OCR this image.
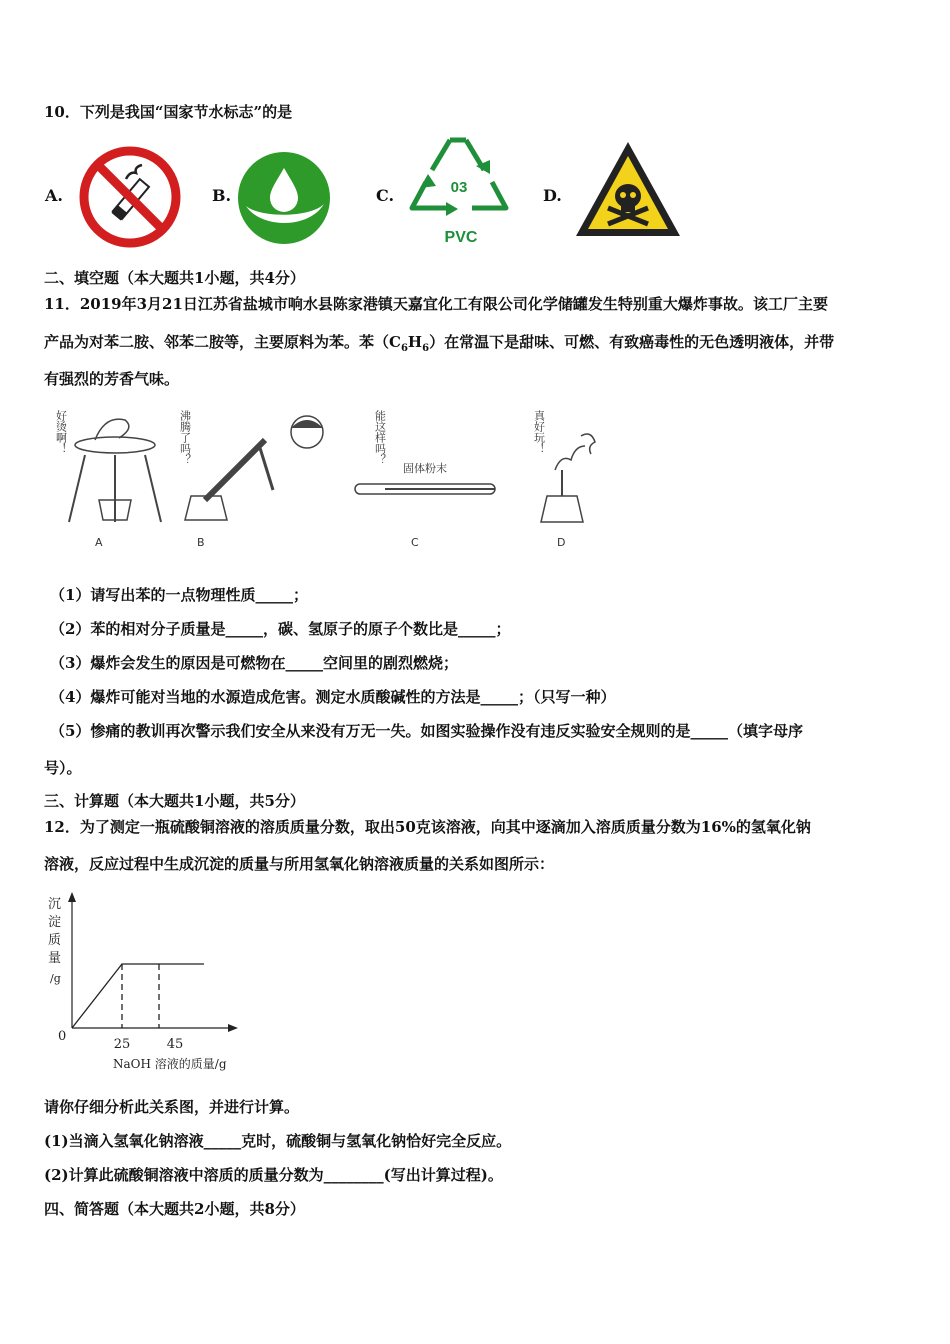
10．下列是我国“国家节水标志”的是
A.	B.	C.	03
PVC
D.
二、填空题（本大题共1小题，共4分）
11．2019年3月21日江苏省盐城市响水县陈家港镇天嘉宜化工有限公司化学储罐发生特别重大爆炸事故。该工厂主要
产品为对苯二胺、邻苯二胺等，主要原料为苯。苯$(C_6H_6)$在常温下是甜味、可燃、有致癌毒性的无色透明液体，并带
有强烈的芳香气味。
好烫啊！
A
沸腾了吗？
B
能这样吗？
固体粉末
C
真好玩！
D
（1）请写出苯的一点物理性质_____；
（2）苯的相对分子质量是_____，碳、氢原子的原子个数比是_____；
（3）爆炸会发生的原因是可燃物在_____空间里的剧烈燃烧；
（4）爆炸可能对当地的水源造成危害。测定水质酸碱性的方法是_____；（只写一种）
（5）惨痛的教训再次警示我们安全从来没有万无一失。如图实验操作没有违反实验安全规则的是_____（填字母序
号）。
三、计算题（本大题共1小题，共5分）
12．为了测定一瓶硫酸铜溶液的溶质质量分数，取出50克该溶液，向其中逐滴加入溶质质量分数为16%的氢氧化钠
溶液，反应过程中生成沉淀的质量与所用氢氧化钠溶液质量的关系如图所示：
沉
淀
质
量
/g
0
25	45
NaOH 溶液的质量/g
请你仔细分析此关系图，并进行计算。
(1)当滴入氢氧化钠溶液_____克时，硫酸铜与氢氧化钠恰好完全反应。
(2)计算此硫酸铜溶液中溶质的质量分数为________(写出计算过程)。
四、简答题（本大题共2小题，共8分）
